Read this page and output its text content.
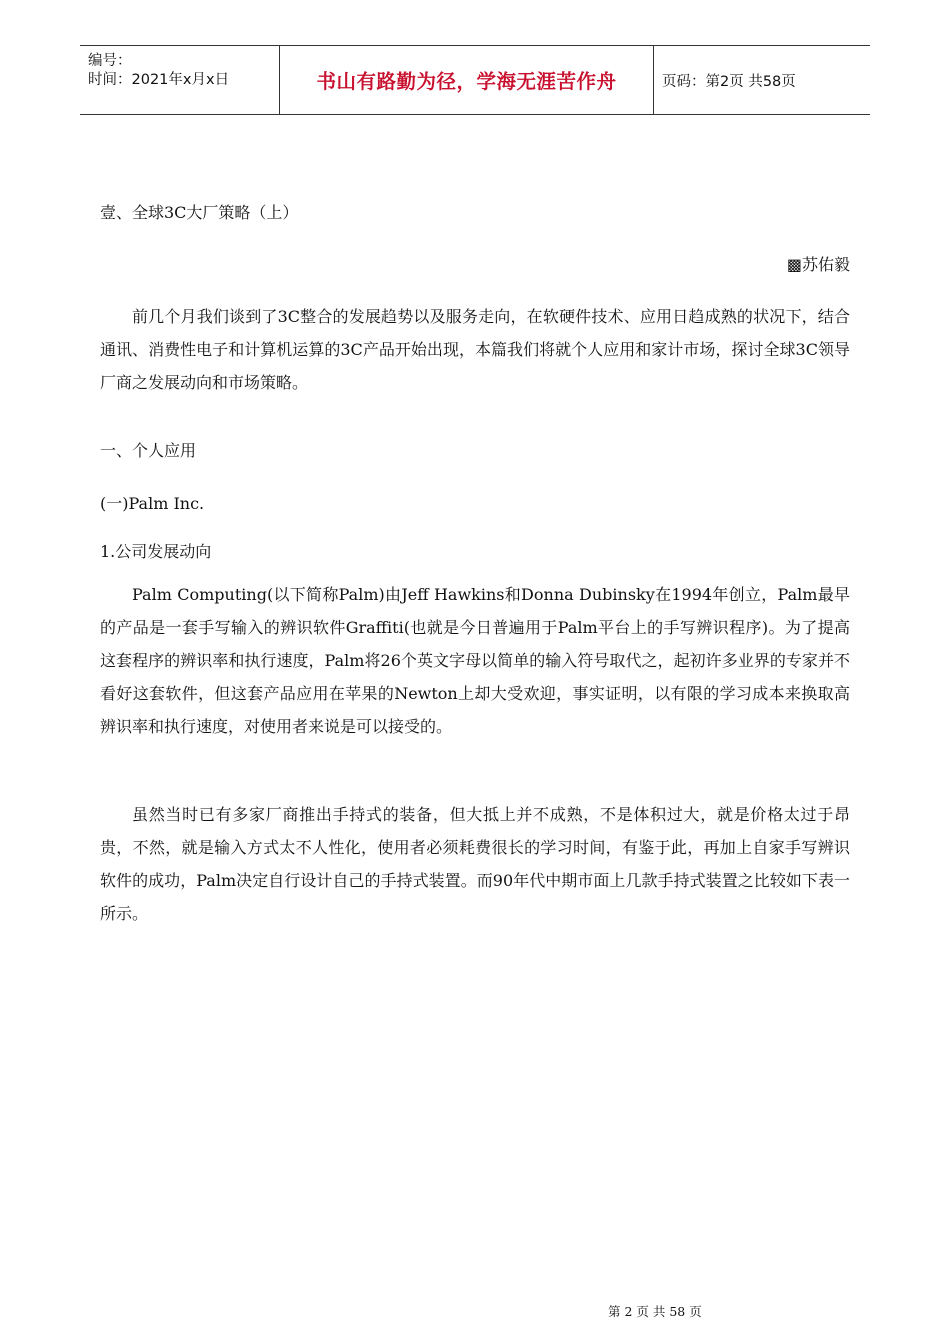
编号：
时间：2021年x月x日	书山有路勤为径，学海无涯苦作舟	页码：第2页 共58页

壹、全球3C大厂策略（上）

▩苏佑毅

前几个月我们谈到了3C整合的发展趋势以及服务走向，在软硬件技术、应用日趋成熟的状况下，结合通讯、消费性电子和计算机运算的3C产品开始出现，本篇我们将就个人应用和家计市场，探讨全球3C领导厂商之发展动向和市场策略。

一、个人应用

(一)Palm Inc.

1.公司发展动向

Palm Computing(以下简称Palm)由Jeff Hawkins和Donna Dubinsky在1994年创立，Palm最早的产品是一套手写输入的辨识软件Graffiti(也就是今日普遍用于Palm平台上的手写辨识程序)。为了提高这套程序的辨识率和执行速度，Palm将26个英文字母以简单的输入符号取代之，起初许多业界的专家并不看好这套软件，但这套产品应用在苹果的Newton上却大受欢迎，事实证明，以有限的学习成本来换取高辨识率和执行速度，对使用者来说是可以接受的。

虽然当时已有多家厂商推出手持式的装备，但大抵上并不成熟，不是体积过大，就是价格太过于昂贵，不然，就是输入方式太不人性化，使用者必须耗费很长的学习时间，有鉴于此，再加上自家手写辨识软件的成功，Palm决定自行设计自己的手持式装置。而90年代中期市面上几款手持式装置之比较如下表一所示。

第 2 页 共 58 页
